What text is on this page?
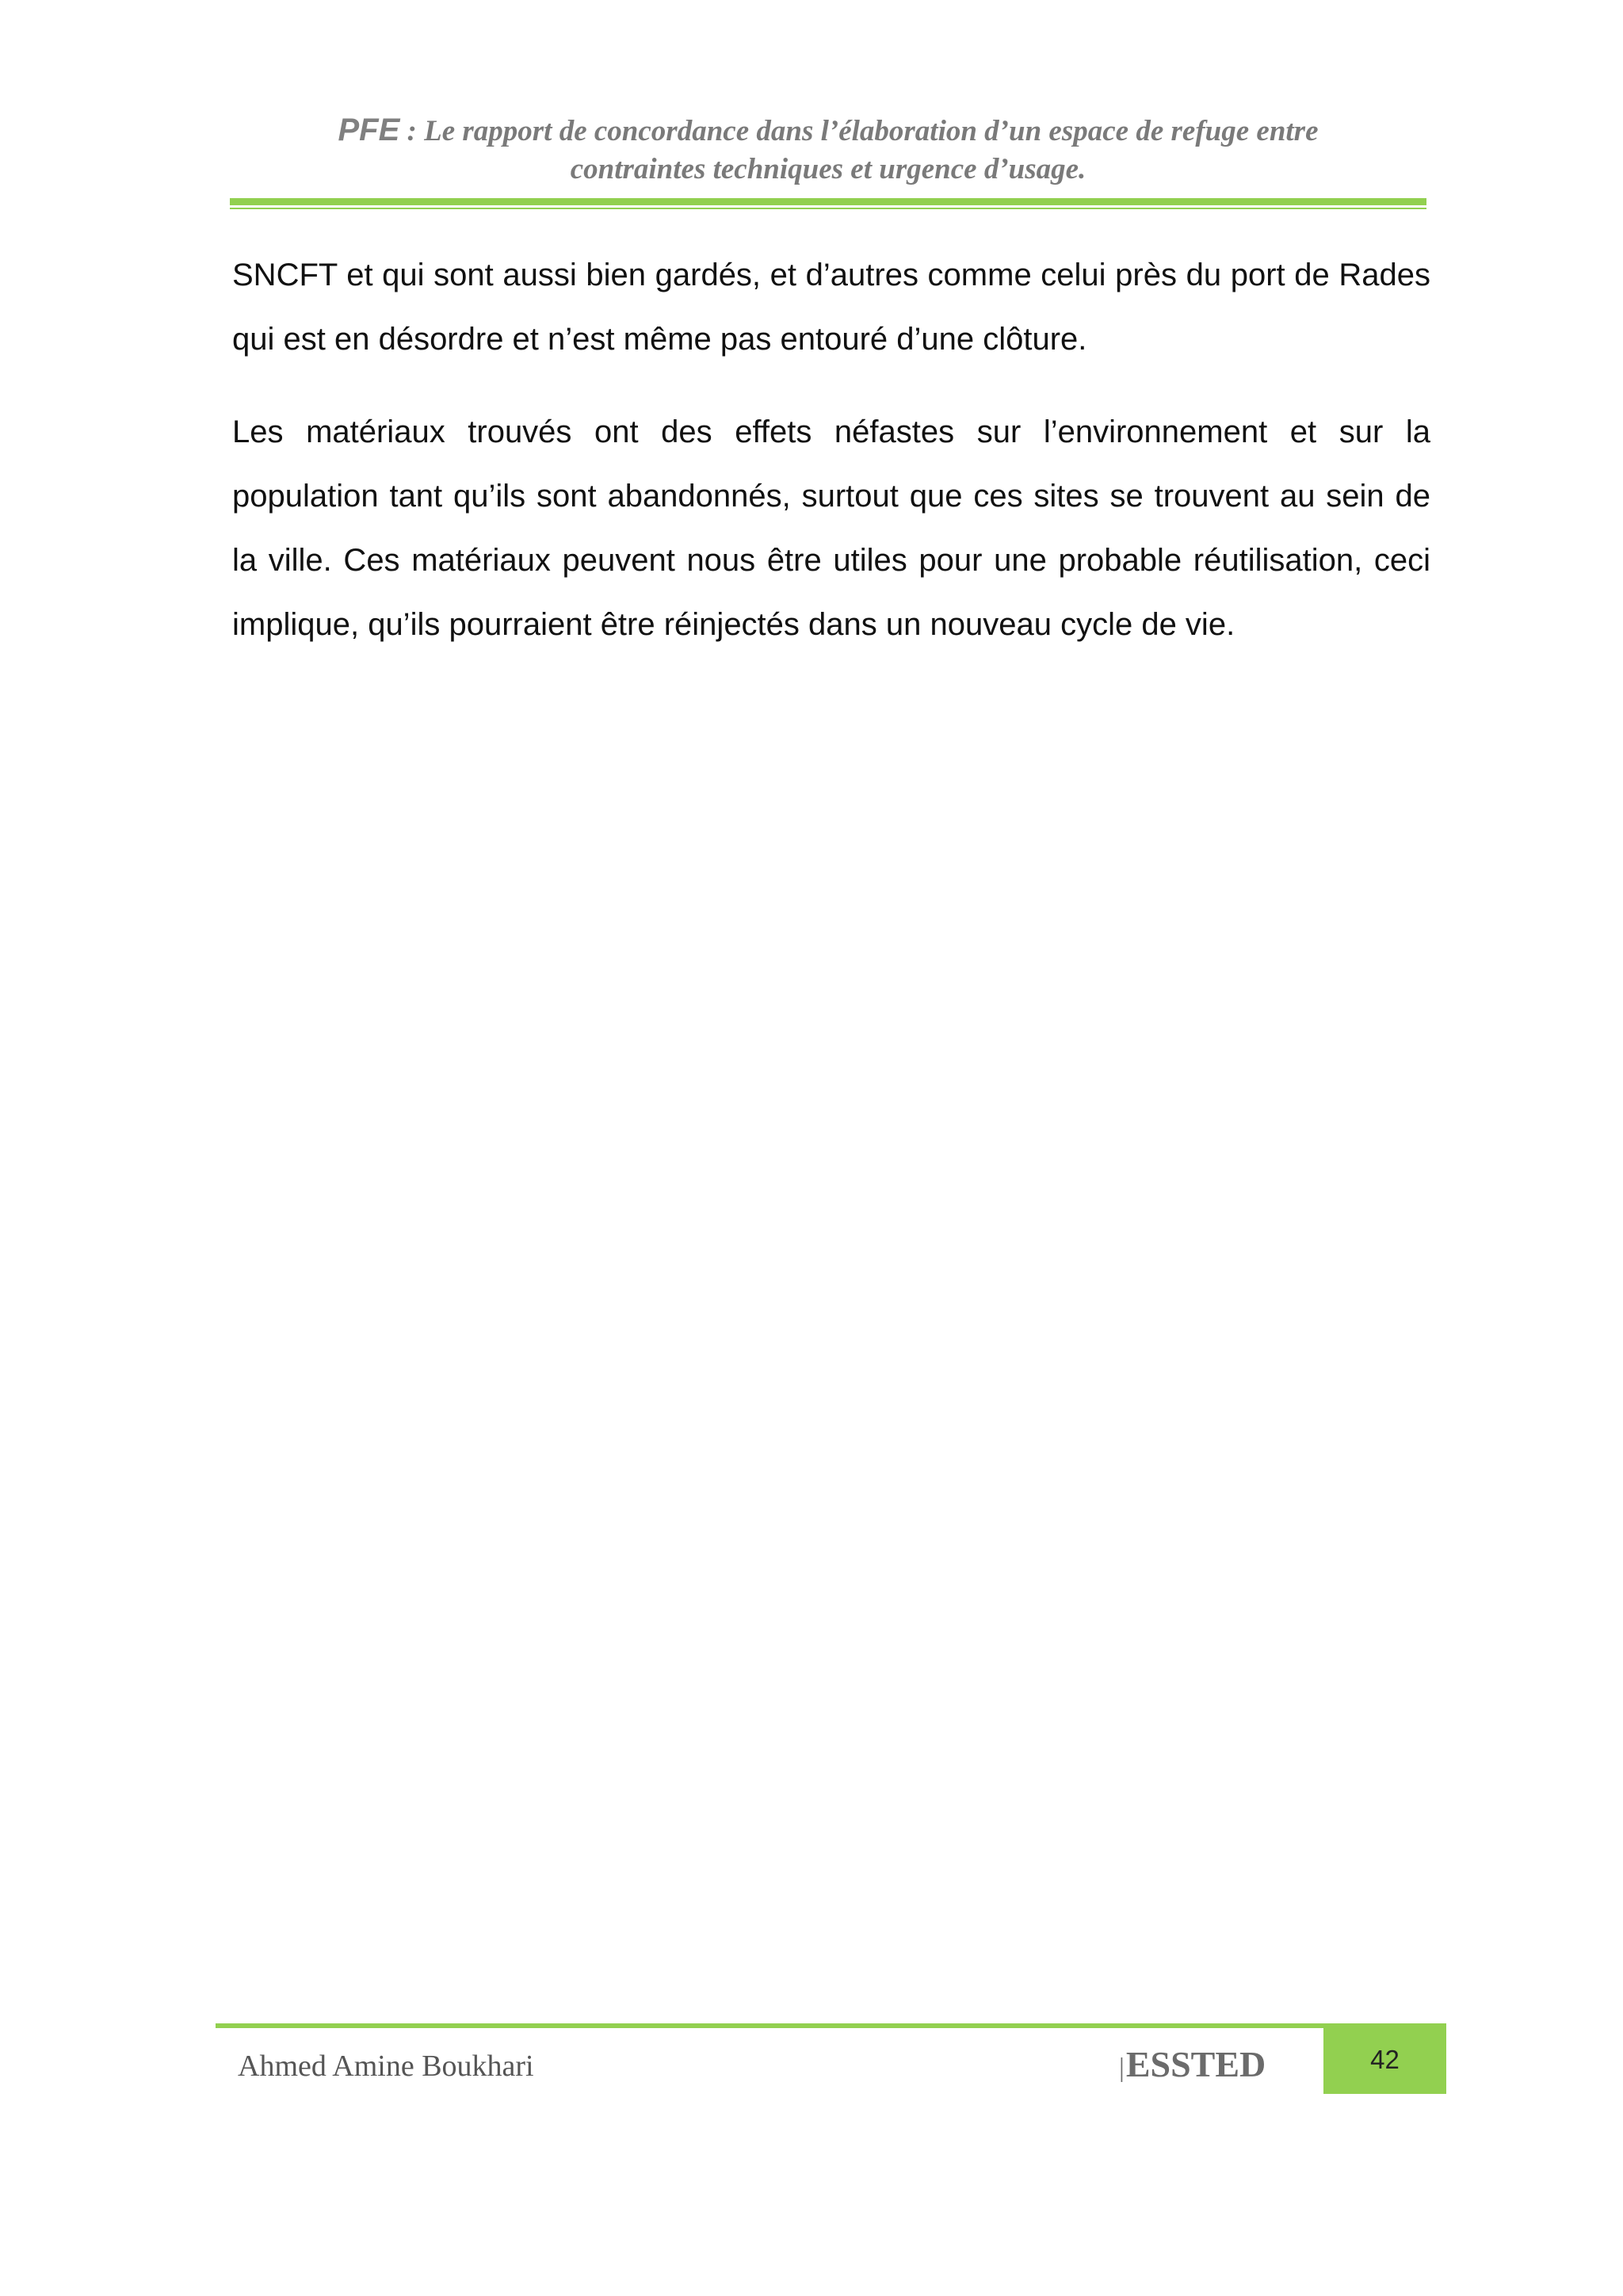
PFE : Le rapport de concordance dans l’élaboration d’un espace de refuge entre
contraintes techniques et urgence d’usage.

SNCFT et qui sont aussi bien gardés, et d’autres comme celui près du port de Rades qui est en désordre et n’est même pas entouré d’une clôture.

Les matériaux trouvés ont des effets néfastes sur l’environnement et sur la population tant qu’ils sont abandonnés, surtout que ces sites se trouvent au sein de la ville. Ces matériaux peuvent nous être utiles pour une probable réutilisation, ceci implique, qu’ils pourraient être réinjectés dans un nouveau cycle de vie.

Ahmed Amine Boukhari	|ESSTED	42
